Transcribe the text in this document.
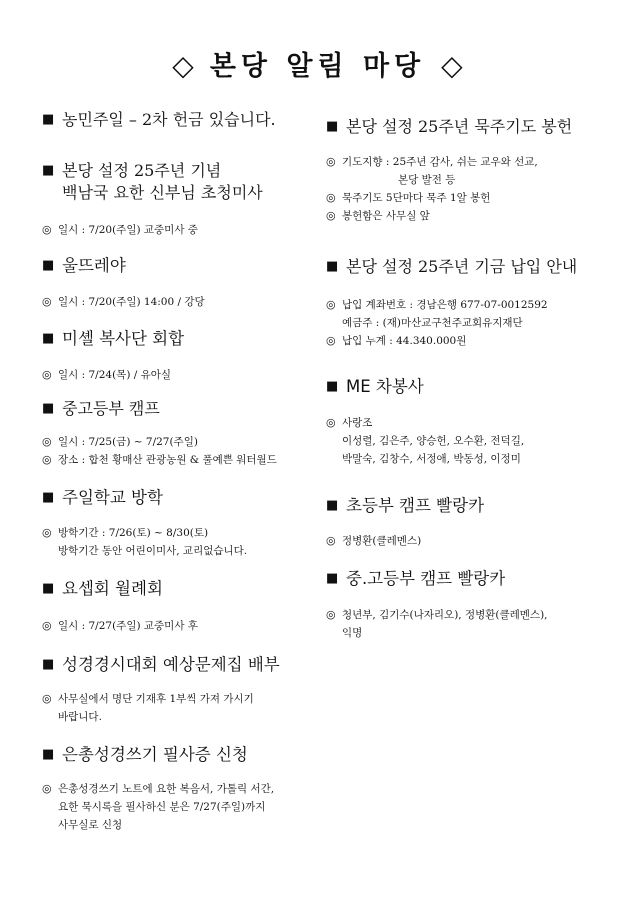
◇ 본당 알림 마당 ◇
■ 농민주일 – 2차 헌금 있습니다.
■ 본당 설정 25주년 기념
백남국 요한 신부님 초청미사
◎ 일시 : 7/20(주일) 교중미사 중
■ 울뜨레야
◎ 일시 : 7/20(주일) 14:00 / 강당
■ 미셸 복사단 회합
◎ 일시 : 7/24(목) / 유아실
■ 중고등부 캠프
◎ 일시 : 7/25(금) ~ 7/27(주일)
◎ 장소 : 합천 황매산 관광농원 & 풀예쁜 워터월드
■ 주일학교 방학
◎ 방학기간 : 7/26(토) ~ 8/30(토)
방학기간 동안 어린이미사, 교리없습니다.
■ 요셉회 월례회
◎ 일시 : 7/27(주일) 교중미사 후
■ 성경경시대회 예상문제집 배부
◎ 사무실에서 명단 기재후 1부씩 가져 가시기
바랍니다.
■ 은총성경쓰기 필사증 신청
◎ 은총성경쓰기 노트에 요한 복음서, 가톨릭 서간,
요한 묵시록을 필사하신 분은 7/27(주일)까지
사무실로 신청
■ 본당 설정 25주년 묵주기도 봉헌
◎ 기도지향 : 25주년 감사, 쉬는 교우와 선교,
본당 발전 등
◎ 묵주기도 5단마다 묵주 1알 봉헌
◎ 봉헌함은 사무실 앞
■ 본당 설정 25주년 기금 납입 안내
◎ 납입 계좌번호 : 경남은행 677-07-0012592
예금주 : (재)마산교구천주교회유지재단
◎ 납입 누계 : 44.340.000원
■ ME 차봉사
◎ 사랑조
이성렬, 김은주, 양승헌, 오수환, 전덕길,
박말숙, 김창수, 서정애, 박동성, 이정미
■ 초등부 캠프 빨랑카
◎ 정병환(클레멘스)
■ 중.고등부 캠프 빨랑카
◎ 청년부, 김기수(나자리오), 정병환(클레멘스),
익명
